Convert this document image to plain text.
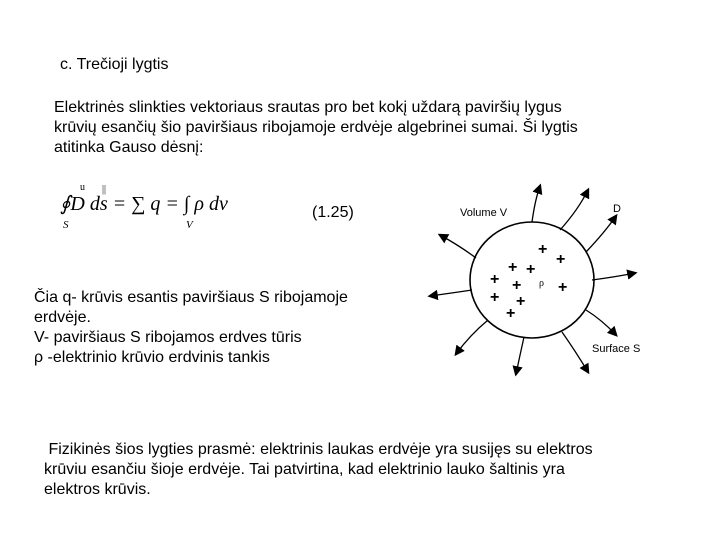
c. Trečioji lygtis
Elektrinės slinkties vektoriaus srautas pro bet kokį uždarą paviršių lygus
krūvių esančių šio paviršiaus ribojamoje erdvėje algebrinei sumai. Ši lygtis
atitinka Gauso dėsnį:
u ||
∮D ds = ∑ q = ∫ ρ dv
S	V
(1.25)
Čia q- krūvis esantis paviršiaus S ribojamoje
erdvėje.
V- paviršiaus S ribojamos erdves tūris
ρ -elektrinio krūvio erdvinis tankis
Volume V	D
ρ
Surface S
+
+
+ +
+ + +
+ +
+
Fizikinės šios lygties prasmė: elektrinis laukas erdvėje yra susijęs su elektros
krūviu esančiu šioje erdvėje. Tai patvirtina, kad elektrinio lauko šaltinis yra
elektros krūvis.
